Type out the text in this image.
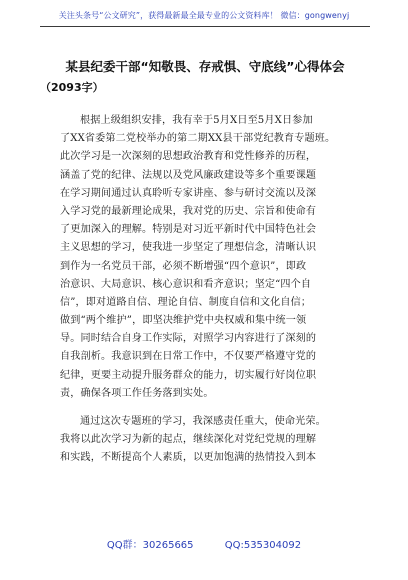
关注头条号“公文研究”，获得最新最全最专业的公文资料库！ 微信：gongwenyj
某县纪委干部“知敬畏、存戒惧、守底线”心得体会
（2093字）
根据上级组织安排，我有幸于5月X日至5月X日参加
了XX省委第二党校举办的第二期XX县干部党纪教育专题班。
此次学习是一次深刻的思想政治教育和党性修养的历程，
涵盖了党的纪律、法规以及党风廉政建设等多个重要课题
在学习期间通过认真聆听专家讲座、参与研讨交流以及深
入学习党的最新理论成果，我对党的历史、宗旨和使命有
了更加深入的理解。特别是对习近平新时代中国特色社会
主义思想的学习，使我进一步坚定了理想信念，清晰认识
到作为一名党员干部，必须不断增强“四个意识”，即政
治意识、大局意识、核心意识和看齐意识；坚定“四个自
信”，即对道路自信、理论自信、制度自信和文化自信；
做到“两个维护”，即坚决维护党中央权威和集中统一领
导。同时结合自身工作实际，对照学习内容进行了深刻的
自我剖析。我意识到在日常工作中，不仅要严格遵守党的
纪律，更要主动提升服务群众的能力，切实履行好岗位职
责，确保各项工作任务落到实处。
通过这次专题班的学习，我深感责任重大，使命光荣。
我将以此次学习为新的起点，继续深化对党纪党规的理解
和实践，不断提高个人素质，以更加饱满的热情投入到本
QQ群：30265665	QQ:535304092
